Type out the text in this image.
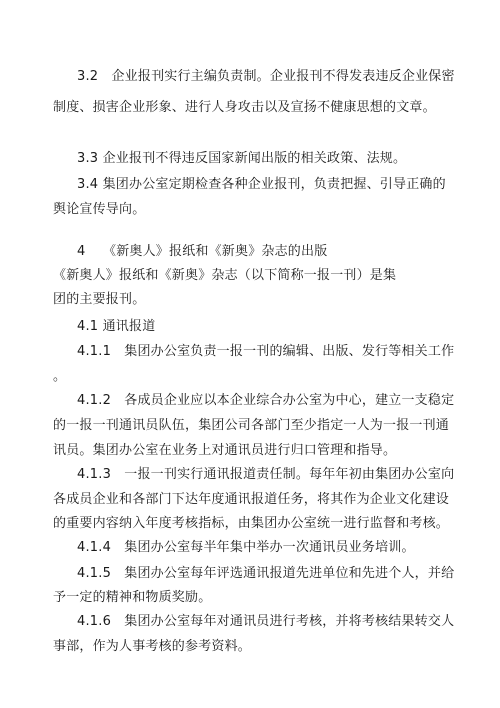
3.2　企业报刊实行主编负责制。企业报刊不得发表违反企业保密
制度、损害企业形象、进行人身攻击以及宣扬不健康思想的文章。
3.3 企业报刊不得违反国家新闻出版的相关政策、法规。
3.4 集团办公室定期检查各种企业报刊，负责把握、引导正确的
舆论宣传导向。
4　 《新奥人》报纸和《新奥》杂志的出版
《新奥人》报纸和《新奥》杂志（以下简称一报一刊）是集
团的主要报刊。
4.1 通讯报道
4.1.1　集团办公室负责一报一刊的编辑、出版、发行等相关工作
。
4.1.2　各成员企业应以本企业综合办公室为中心，建立一支稳定
的一报一刊通讯员队伍，集团公司各部门至少指定一人为一报一刊通
讯员。集团办公室在业务上对通讯员进行归口管理和指导。
4.1.3　一报一刊实行通讯报道责任制。每年年初由集团办公室向
各成员企业和各部门下达年度通讯报道任务，将其作为企业文化建设
的重要内容纳入年度考核指标，由集团办公室统一进行监督和考核。
4.1.4　集团办公室每半年集中举办一次通讯员业务培训。
4.1.5　集团办公室每年评选通讯报道先进单位和先进个人，并给
予一定的精神和物质奖励。
4.1.6　集团办公室每年对通讯员进行考核，并将考核结果转交人
事部，作为人事考核的参考资料。
